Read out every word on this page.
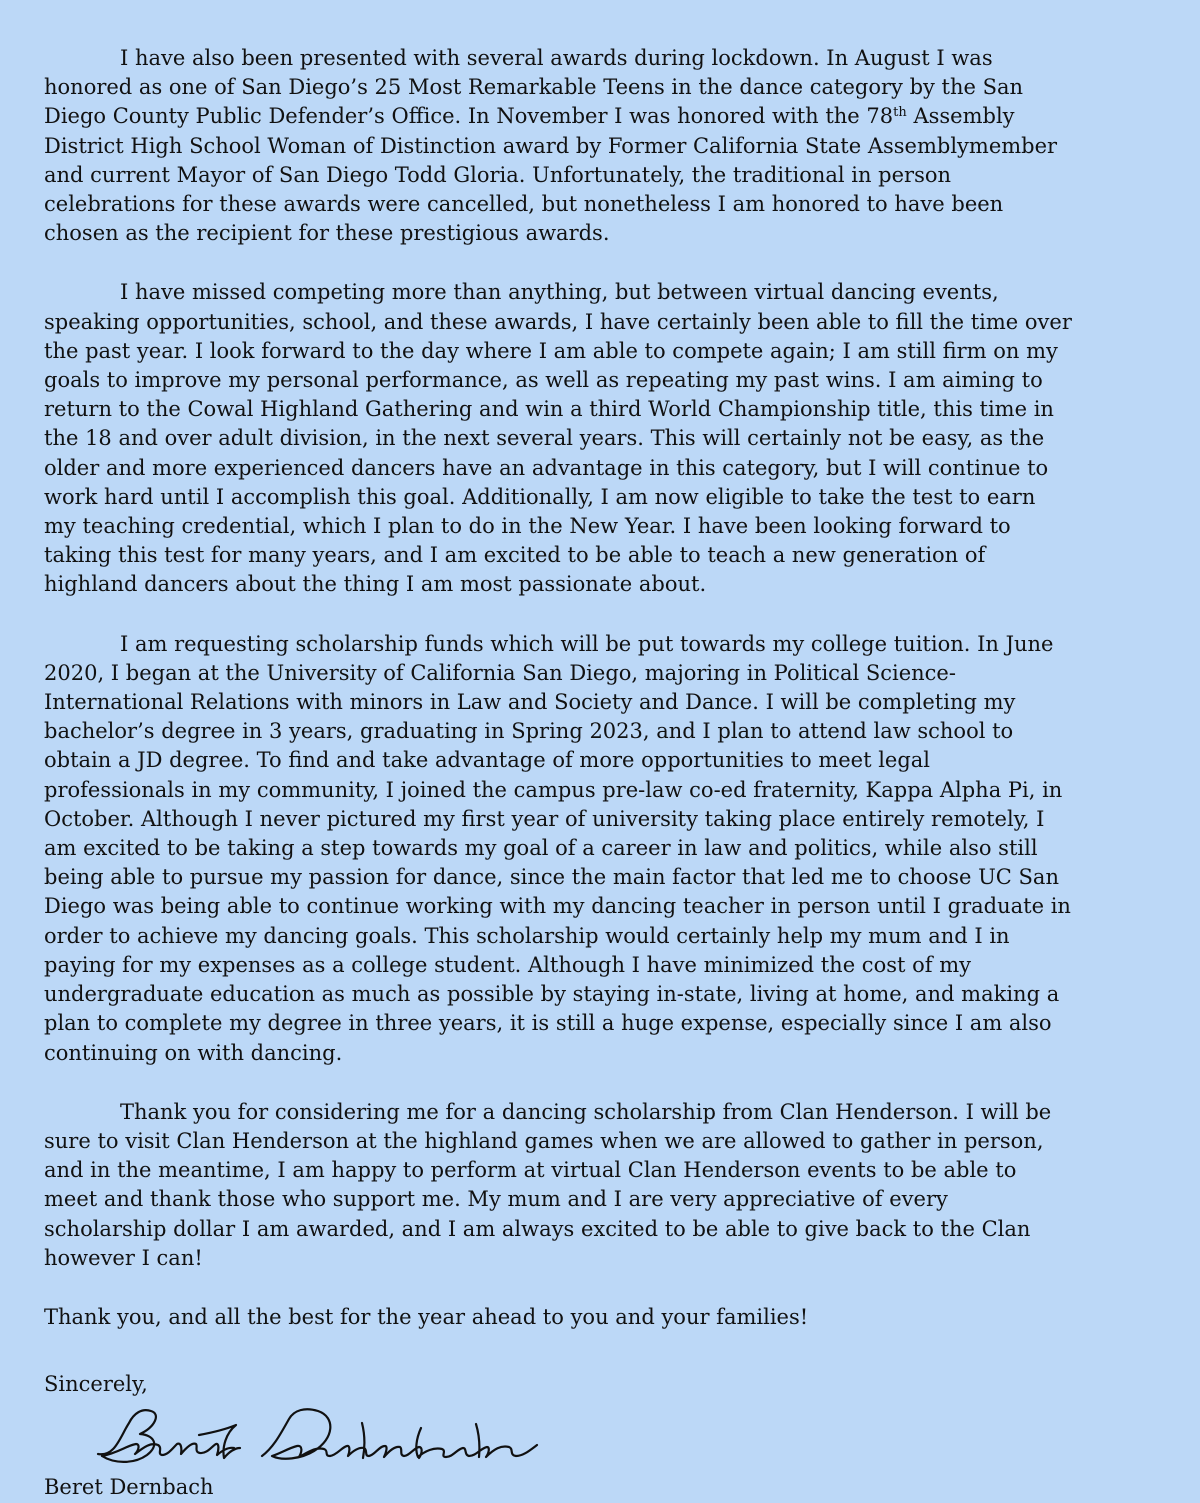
I have also been presented with several awards during lockdown. In August I was honored as one of San Diego’s 25 Most Remarkable Teens in the dance category by the San Diego County Public Defender’s Office. In November I was honored with the 78th Assembly District High School Woman of Distinction award by Former California State Assemblymember and current Mayor of San Diego Todd Gloria. Unfortunately, the traditional in person celebrations for these awards were cancelled, but nonetheless I am honored to have been chosen as the recipient for these prestigious awards.

I have missed competing more than anything, but between virtual dancing events, speaking opportunities, school, and these awards, I have certainly been able to fill the time over the past year. I look forward to the day where I am able to compete again; I am still firm on my goals to improve my personal performance, as well as repeating my past wins. I am aiming to return to the Cowal Highland Gathering and win a third World Championship title, this time in the 18 and over adult division, in the next several years. This will certainly not be easy, as the older and more experienced dancers have an advantage in this category, but I will continue to work hard until I accomplish this goal. Additionally, I am now eligible to take the test to earn my teaching credential, which I plan to do in the New Year. I have been looking forward to taking this test for many years, and I am excited to be able to teach a new generation of highland dancers about the thing I am most passionate about.

I am requesting scholarship funds which will be put towards my college tuition. In June 2020, I began at the University of California San Diego, majoring in Political Science-International Relations with minors in Law and Society and Dance. I will be completing my bachelor’s degree in 3 years, graduating in Spring 2023, and I plan to attend law school to obtain a JD degree. To find and take advantage of more opportunities to meet legal professionals in my community, I joined the campus pre-law co-ed fraternity, Kappa Alpha Pi, in October. Although I never pictured my first year of university taking place entirely remotely, I am excited to be taking a step towards my goal of a career in law and politics, while also still being able to pursue my passion for dance, since the main factor that led me to choose UC San Diego was being able to continue working with my dancing teacher in person until I graduate in order to achieve my dancing goals. This scholarship would certainly help my mum and I in paying for my expenses as a college student. Although I have minimized the cost of my undergraduate education as much as possible by staying in-state, living at home, and making a plan to complete my degree in three years, it is still a huge expense, especially since I am also continuing on with dancing.

Thank you for considering me for a dancing scholarship from Clan Henderson. I will be sure to visit Clan Henderson at the highland games when we are allowed to gather in person, and in the meantime, I am happy to perform at virtual Clan Henderson events to be able to meet and thank those who support me. My mum and I are very appreciative of every scholarship dollar I am awarded, and I am always excited to be able to give back to the Clan however I can!

Thank you, and all the best for the year ahead to you and your families!

Sincerely,

Beret Dernbach
